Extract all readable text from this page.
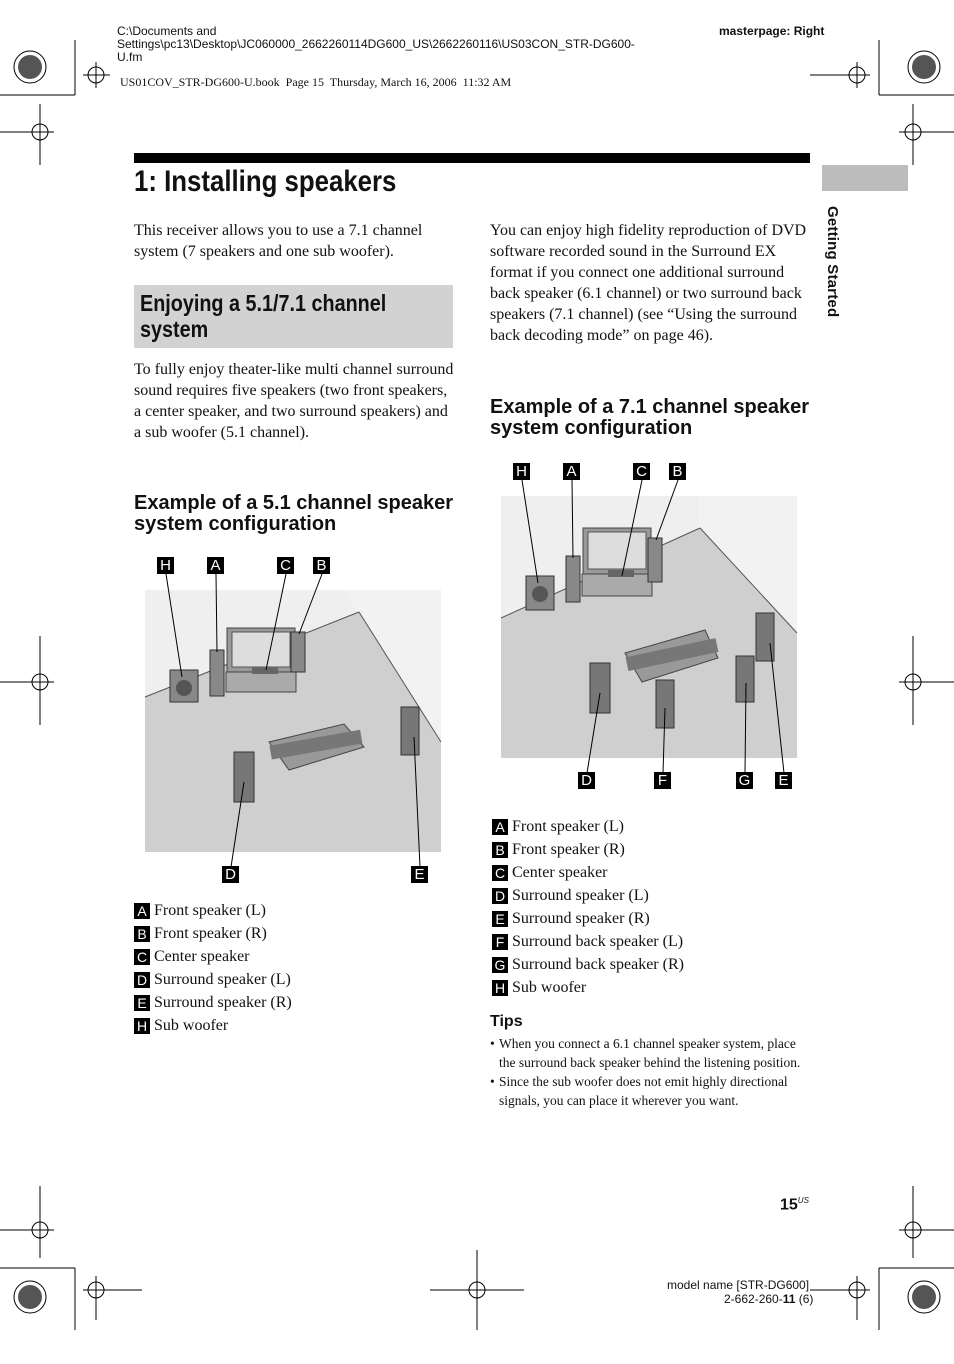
C:\Documents and
Settings\pc13\Desktop\JC060000_2662260114DG600_US\2662260116\US03CON_STR-DG600-
U.fm
masterpage: Right
US01COV_STR-DG600-U.book  Page 15  Thursday, March 16, 2006  11:32 AM
1: Installing speakers
Getting Started
This receiver allows you to use a 7.1 channel system (7 speakers and one sub woofer).
Enjoying a 5.1/7.1 channel system
To fully enjoy theater-like multi channel surround sound requires five speakers (two front speakers, a center speaker, and two surround speakers) and a sub woofer (5.1 channel).
Example of a 5.1 channel speaker system configuration
H	A	C B
D	E
A Front speaker (L)
B Front speaker (R)
C Center speaker
D Surround speaker (L)
E Surround speaker (R)
H Sub woofer
You can enjoy high fidelity reproduction of DVD software recorded sound in the Surround EX format if you connect one additional surround back speaker (6.1 channel) or two surround back speakers (7.1 channel) (see “Using the surround back decoding mode” on page 46).
Example of a 7.1 channel speaker system configuration
H	A	C B
D	F	G E
A Front speaker (L)
B Front speaker (R)
C Center speaker
D Surround speaker (L)
E Surround speaker (R)
F Surround back speaker (L)
G Surround back speaker (R)
H Sub woofer
Tips
• When you connect a 6.1 channel speaker system, place the surround back speaker behind the listening position.
• Since the sub woofer does not emit highly directional signals, you can place it wherever you want.
$15^{US}$
model name [STR-DG600]
2-662-260-11 (6)
